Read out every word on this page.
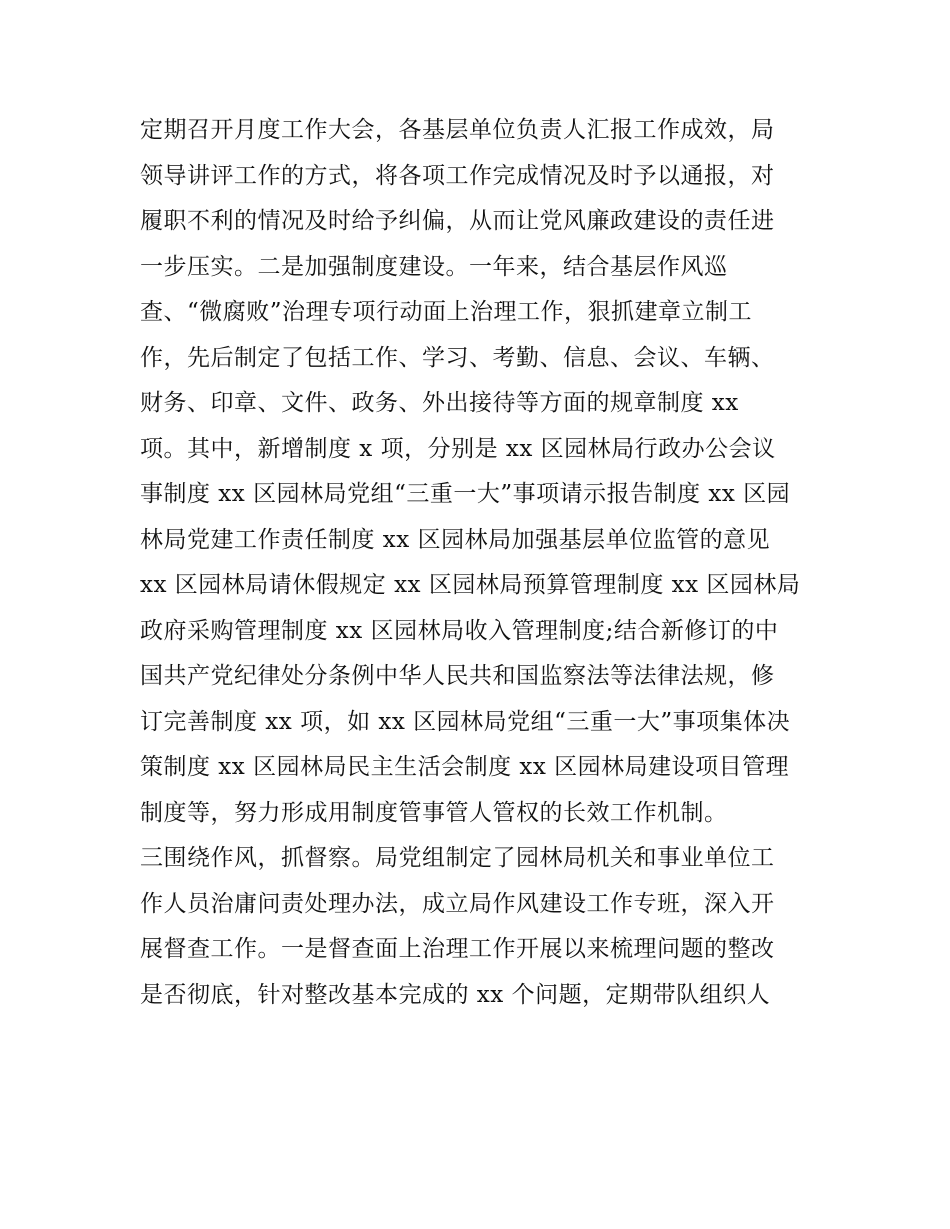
定期召开月度工作大会，各基层单位负责人汇报工作成效，局
领导讲评工作的方式，将各项工作完成情况及时予以通报，对
履职不利的情况及时给予纠偏，从而让党风廉政建设的责任进
一步压实。二是加强制度建设。一年来，结合基层作风巡
查、“微腐败”治理专项行动面上治理工作，狠抓建章立制工
作，先后制定了包括工作、学习、考勤、信息、会议、车辆、
财务、印章、文件、政务、外出接待等方面的规章制度 xx
项。其中，新增制度 x 项，分别是 xx 区园林局行政办公会议
事制度 xx 区园林局党组“三重一大”事项请示报告制度 xx 区园
林局党建工作责任制度 xx 区园林局加强基层单位监管的意见
xx 区园林局请休假规定 xx 区园林局预算管理制度 xx 区园林局
政府采购管理制度 xx 区园林局收入管理制度;结合新修订的中
国共产党纪律处分条例中华人民共和国监察法等法律法规，修
订完善制度 xx 项，如 xx 区园林局党组“三重一大”事项集体决
策制度 xx 区园林局民主生活会制度 xx 区园林局建设项目管理
制度等，努力形成用制度管事管人管权的长效工作机制。
三围绕作风，抓督察。局党组制定了园林局机关和事业单位工
作人员治庸问责处理办法，成立局作风建设工作专班，深入开
展督查工作。一是督查面上治理工作开展以来梳理问题的整改
是否彻底，针对整改基本完成的 xx 个问题，定期带队组织人
